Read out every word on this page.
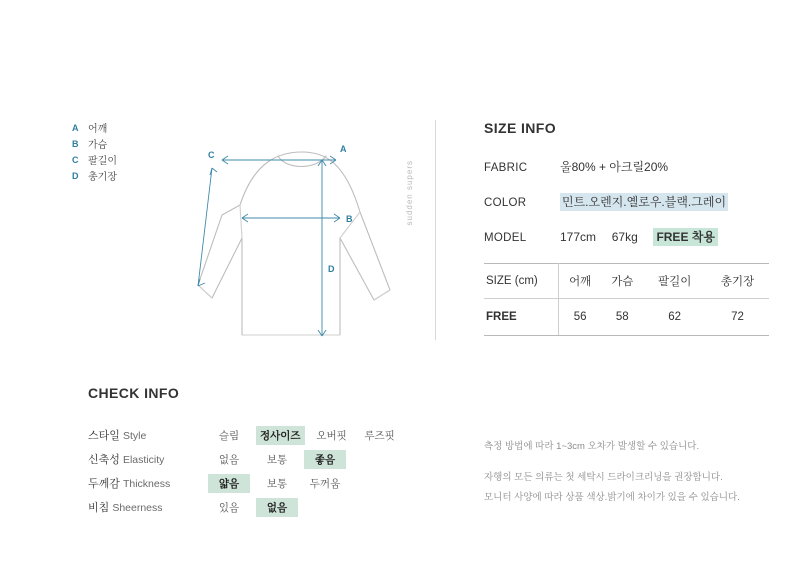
A 어깨
B 가슴
C 팔길이
D 총기장
A
B
C
D
sudden supers
SIZE INFO
FABRIC	울80% + 아크릴20%
COLOR	민트.오렌지.옐로우.블랙.그레이
MODEL	177cm 67kg FREE 착용
SIZE (cm)	어깨	가슴	팔길이	총기장
FREE	56	58	62	72
CHECK INFO
스타일 Style	슬림	정사이즈	오버핏	루즈핏
신축성 Elasticity	없음	보통	좋음
두께감 Thickness	얇음	보통	두꺼움
비침 Sheerness	있음	없음

측정 방법에 따라 1~3cm 오차가 발생할 수 있습니다.

자행의 모든 의류는 첫 세탁시 드라이크리닝을 권장합니다.

모니터 사양에 따라 상품 색상.밝기에 차이가 있을 수 있습니다.
